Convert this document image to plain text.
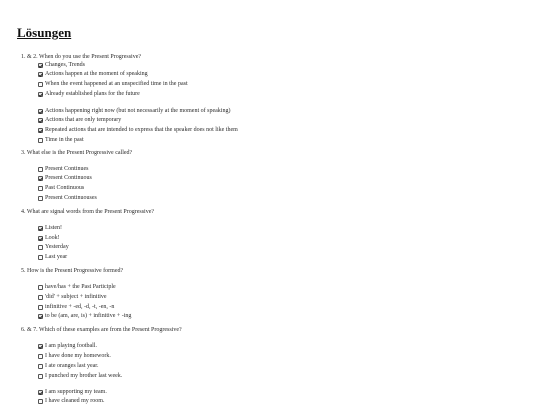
Lösungen
1. & 2. When do you use the Present Progressive?
Changes, Trends
Actions happen at the moment of speaking
When the event happened at an unspecified time in the past
Already established plans for the future
Actions happening right now (but not necessarily at the moment of speaking)
Actions that are only temporary
Repeated actions that are intended to express that the speaker does not like them
Time in the past
3. What else is the Present Progressive called?
Present Continues
Present Continuous
Past Continuous
Present Continuouses
4. What are signal words from the Present Progressive?
Listen!
Look!
Yesterday
Last year
5. How is the Present Progressive formed?
have/has + the Past Participle
'did' + subject + infinitive
infinitive + -ed, -d, -t, -en, -n
to be (am, are, is) + infinitive + -ing
6. & 7. Which of these examples are from the Present Progressive?
I am playing football.
I have done my homework.
I ate oranges last year.
I punched my brother last week.
I am supporting my team.
I have cleaned my room.
